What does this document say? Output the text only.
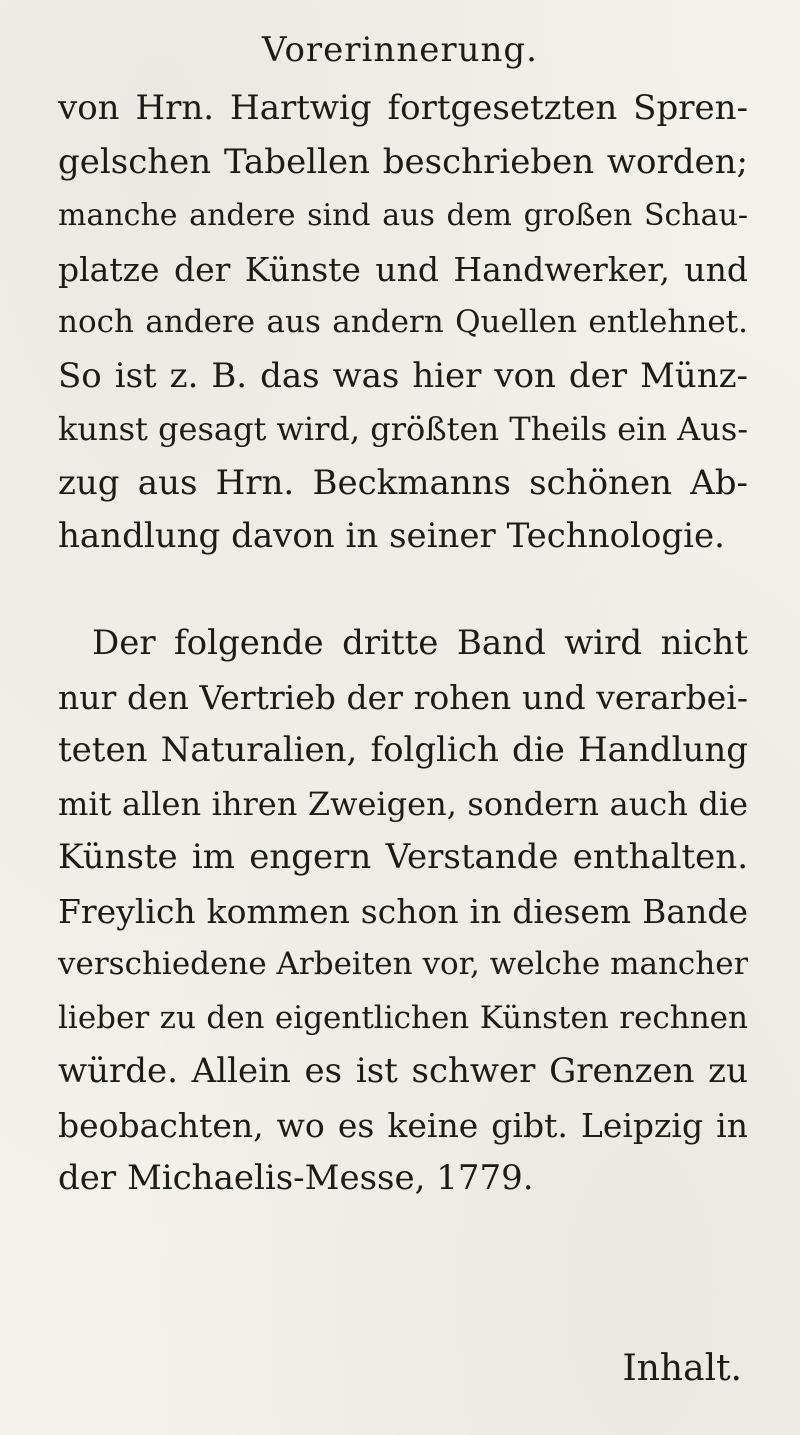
Vorerinnerung.
von Hrn. Hartwig fortgesetzten Spren-
gelschen Tabellen beschrieben worden;
manche andere sind aus dem großen Schau-
platze der Künste und Handwerker, und
noch andere aus andern Quellen entlehnet.
So ist z. B. das was hier von der Münz-
kunst gesagt wird, größten Theils ein Aus-
zug aus Hrn. Beckmanns schönen Ab-
handlung davon in seiner Technologie.
Der folgende dritte Band wird nicht
nur den Vertrieb der rohen und verarbei-
teten Naturalien, folglich die Handlung
mit allen ihren Zweigen, sondern auch die
Künste im engern Verstande enthalten.
Freylich kommen schon in diesem Bande
verschiedene Arbeiten vor, welche mancher
lieber zu den eigentlichen Künsten rechnen
würde. Allein es ist schwer Grenzen zu
beobachten, wo es keine gibt. Leipzig in
der Michaelis-Messe, 1779.
Inhalt.
